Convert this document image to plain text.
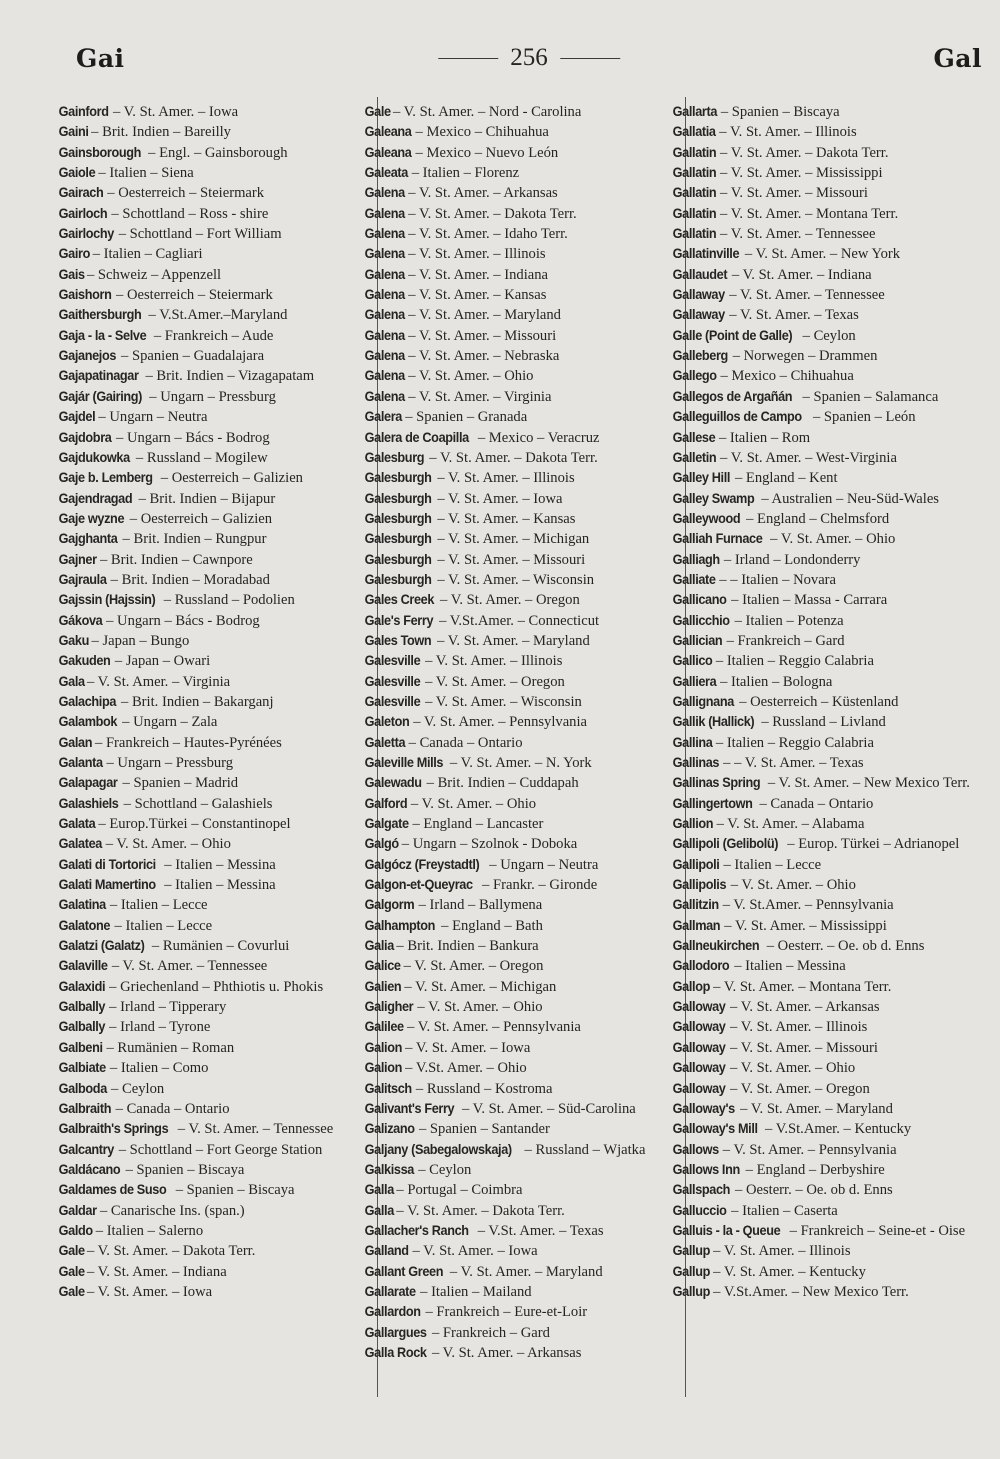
Gai	256	Gal

Gainford – V. St. Amer. – Iowa

Gaini – Brit. Indien – Bareilly

Gainsborough – Engl. – Gainsborough

Gaiole – Italien – Siena

Gairach – Oesterreich – Steiermark

Gairloch – Schottland – Ross - shire

Gairlochy – Schottland – Fort William

Gairo – Italien – Cagliari

Gais – Schweiz – Appenzell

Gaishorn – Oesterreich – Steiermark

Gaithersburgh – V.St.Amer.–Maryland

Gaja - la - Selve – Frankreich – Aude

Gajanejos – Spanien – Guadalajara

Gajapatinagar – Brit. Indien – Vizagapatam

Gajár (Gairing) – Ungarn – Pressburg

Gajdel – Ungarn – Neutra

Gajdobra – Ungarn – Bács - Bodrog

Gajdukowka – Russland – Mogilew

Gaje b. Lemberg – Oesterreich – Galizien

Gajendragad – Brit. Indien – Bijapur

Gaje wyzne – Oesterreich – Galizien

Gajghanta – Brit. Indien – Rungpur

Gajner – Brit. Indien – Cawnpore

Gajraula – Brit. Indien – Moradabad

Gajssin (Hajssin) – Russland – Podolien

Gákova – Ungarn – Bács - Bodrog

Gaku – Japan – Bungo

Gakuden – Japan – Owari

Gala – V. St. Amer. – Virginia

Galachipa – Brit. Indien – Bakarganj

Galambok – Ungarn – Zala

Galan – Frankreich – Hautes-Pyrénées

Galanta – Ungarn – Pressburg

Galapagar – Spanien – Madrid

Galashiels – Schottland – Galashiels

Galata – Europ.Türkei – Constantinopel

Galatea – V. St. Amer. – Ohio

Galati di Tortorici – Italien – Messina

Galati Mamertino – Italien – Messina

Galatina – Italien – Lecce

Galatone – Italien – Lecce

Galatzi (Galatz) – Rumänien – Covurlui

Galaville – V. St. Amer. – Tennessee

Galaxidi – Griechenland – Phthiotis u. Phokis

Galbally – Irland – Tipperary

Galbally – Irland – Tyrone

Galbeni – Rumänien – Roman

Galbiate – Italien – Como

Galboda – Ceylon

Galbraith – Canada – Ontario

Galbraith's Springs – V. St. Amer. – Tennessee

Galcantry – Schottland – Fort George Station

Galdácano – Spanien – Biscaya

Galdames de Suso – Spanien – Biscaya

Galdar – Canarische Ins. (span.)

Galdo – Italien – Salerno

Gale – V. St. Amer. – Dakota Terr.

Gale – V. St. Amer. – Indiana

Gale – V. St. Amer. – Iowa

Gale – V. St. Amer. – Nord - Carolina

Galeana – Mexico – Chihuahua

Galeana – Mexico – Nuevo León

Galeata – Italien – Florenz

Galena – V. St. Amer. – Arkansas

Galena – V. St. Amer. – Dakota Terr.

Galena – V. St. Amer. – Idaho Terr.

Galena – V. St. Amer. – Illinois

Galena – V. St. Amer. – Indiana

Galena – V. St. Amer. – Kansas

Galena – V. St. Amer. – Maryland

Galena – V. St. Amer. – Missouri

Galena – V. St. Amer. – Nebraska

Galena – V. St. Amer. – Ohio

Galena – V. St. Amer. – Virginia

Galera – Spanien – Granada

Galera de Coapilla – Mexico – Veracruz

Galesburg – V. St. Amer. – Dakota Terr.

Galesburgh – V. St. Amer. – Illinois

Galesburgh – V. St. Amer. – Iowa

Galesburgh – V. St. Amer. – Kansas

Galesburgh – V. St. Amer. – Michigan

Galesburgh – V. St. Amer. – Missouri

Galesburgh – V. St. Amer. – Wisconsin

Gales Creek – V. St. Amer. – Oregon

Gale's Ferry – V.St.Amer. – Connecticut

Gales Town – V. St. Amer. – Maryland

Galesville – V. St. Amer. – Illinois

Galesville – V. St. Amer. – Oregon

Galesville – V. St. Amer. – Wisconsin

Galeton – V. St. Amer. – Pennsylvania

Galetta – Canada – Ontario

Galeville Mills – V. St. Amer. – N. York

Galewadu – Brit. Indien – Cuddapah

Galford – V. St. Amer. – Ohio

Galgate – England – Lancaster

Galgó – Ungarn – Szolnok - Doboka

Galgócz (Freystadtl) – Ungarn – Neutra

Galgon-et-Queyrac – Frankr. – Gironde

Galgorm – Irland – Ballymena

Galhampton – England – Bath

Galia – Brit. Indien – Bankura

Galice – V. St. Amer. – Oregon

Galien – V. St. Amer. – Michigan

Galigher – V. St. Amer. – Ohio

Galilee – V. St. Amer. – Pennsylvania

Galion – V. St. Amer. – Iowa

Galion – V.St. Amer. – Ohio

Galitsch – Russland – Kostroma

Galivant's Ferry – V. St. Amer. – Süd-Carolina

Galizano – Spanien – Santander

Galjany (Sabegalowskaja) – Russland – Wjatka

Galkissa – Ceylon

Galla – Portugal – Coimbra

Galla – V. St. Amer. – Dakota Terr.

Gallacher's Ranch – V.St. Amer. – Texas

Galland – V. St. Amer. – Iowa

Gallant Green – V. St. Amer. – Maryland

Gallarate – Italien – Mailand

Gallardon – Frankreich – Eure-et-Loir

Gallargues – Frankreich – Gard

Galla Rock – V. St. Amer. – Arkansas

Gallarta – Spanien – Biscaya

Gallatia – V. St. Amer. – Illinois

Gallatin – V. St. Amer. – Dakota Terr.

Gallatin – V. St. Amer. – Mississippi

Gallatin – V. St. Amer. – Missouri

Gallatin – V. St. Amer. – Montana Terr.

Gallatin – V. St. Amer. – Tennessee

Gallatinville – V. St. Amer. – New York

Gallaudet – V. St. Amer. – Indiana

Gallaway – V. St. Amer. – Tennessee

Gallaway – V. St. Amer. – Texas

Galle (Point de Galle) – Ceylon

Galleberg – Norwegen – Drammen

Gallego – Mexico – Chihuahua

Gallegos de Argañán – Spanien – Salamanca

Galleguillos de Campo – Spanien – León

Gallese – Italien – Rom

Galletin – V. St. Amer. – West-Virginia

Galley Hill – England – Kent

Galley Swamp – Australien – Neu-Süd-Wales

Galleywood – England – Chelmsford

Galliah Furnace – V. St. Amer. – Ohio

Galliagh – Irland – Londonderry

Galliate – – Italien – Novara

Gallicano – Italien – Massa - Carrara

Gallicchio – Italien – Potenza

Gallician – Frankreich – Gard

Gallico – Italien – Reggio Calabria

Galliera – Italien – Bologna

Gallignana – Oesterreich – Küstenland

Gallik (Hallick) – Russland – Livland

Gallina – Italien – Reggio Calabria

Gallinas – – V. St. Amer. – Texas

Gallinas Spring – V. St. Amer. – New Mexico Terr.

Gallingertown – Canada – Ontario

Gallion – V. St. Amer. – Alabama

Gallipoli (Gelibolü) – Europ. Türkei – Adrianopel

Gallipoli – Italien – Lecce

Gallipolis – V. St. Amer. – Ohio

Gallitzin – V. St.Amer. – Pennsylvania

Gallman – V. St. Amer. – Mississippi

Gallneukirchen – Oesterr. – Oe. ob d. Enns

Gallodoro – Italien – Messina

Gallop – V. St. Amer. – Montana Terr.

Galloway – V. St. Amer. – Arkansas

Galloway – V. St. Amer. – Illinois

Galloway – V. St. Amer. – Missouri

Galloway – V. St. Amer. – Ohio

Galloway – V. St. Amer. – Oregon

Galloway's – V. St. Amer. – Maryland

Galloway's Mill – V.St.Amer. – Kentucky

Gallows – V. St. Amer. – Pennsylvania

Gallows Inn – England – Derbyshire

Gallspach – Oesterr. – Oe. ob d. Enns

Galluccio – Italien – Caserta

Galluis - la - Queue – Frankreich – Seine-et - Oise

Gallup – V. St. Amer. – Illinois

Gallup – V. St. Amer. – Kentucky

Gallup – V.St.Amer. – New Mexico Terr.
